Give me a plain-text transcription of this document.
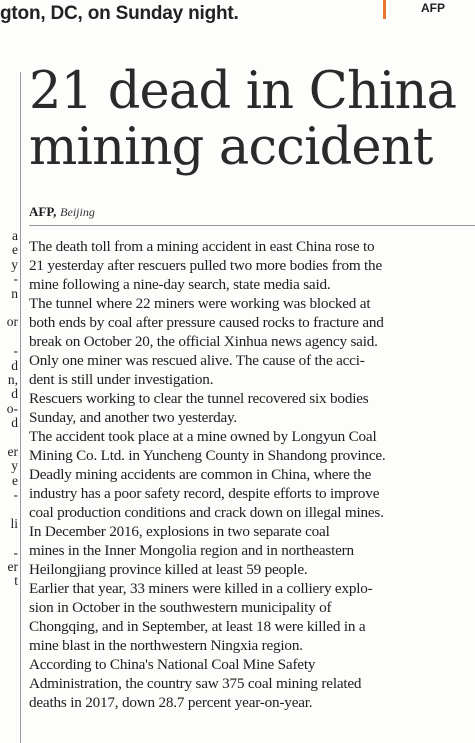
gton, DC, on Sunday night.	AFP
a
e
y
-
n
or
-
d
n,
d
o-
d
er
y
e
-
li
-
er
t
21 dead in China
mining accident
AFP, Beijing
The death toll from a mining accident in east China rose to
21 yesterday after rescuers pulled two more bodies from the
mine following a nine-day search, state media said.
The tunnel where 22 miners were working was blocked at
both ends by coal after pressure caused rocks to fracture and
break on October 20, the official Xinhua news agency said.
Only one miner was rescued alive. The cause of the acci-
dent is still under investigation.
Rescuers working to clear the tunnel recovered six bodies
Sunday, and another two yesterday.
The accident took place at a mine owned by Longyun Coal
Mining Co. Ltd. in Yuncheng County in Shandong province.
Deadly mining accidents are common in China, where the
industry has a poor safety record, despite efforts to improve
coal production conditions and crack down on illegal mines.
In December 2016, explosions in two separate coal
mines in the Inner Mongolia region and in northeastern
Heilongjiang province killed at least 59 people.
Earlier that year, 33 miners were killed in a colliery explo-
sion in October in the southwestern municipality of
Chongqing, and in September, at least 18 were killed in a
mine blast in the northwestern Ningxia region.
According to China's National Coal Mine Safety
Administration, the country saw 375 coal mining related
deaths in 2017, down 28.7 percent year-on-year.
